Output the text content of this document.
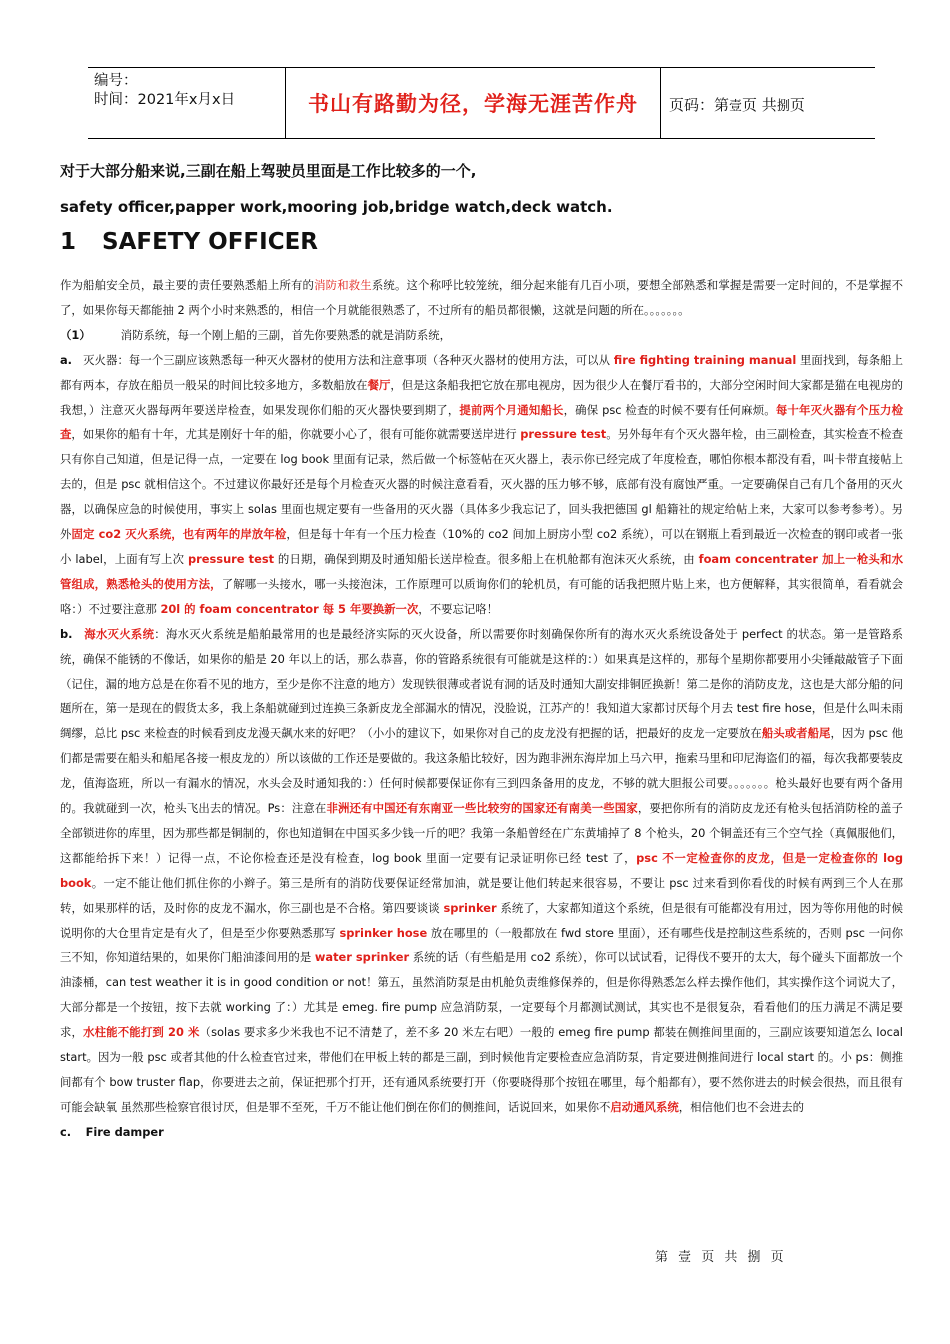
编号：
时间：2021年x月x日	书山有路勤为径，学海无涯苦作舟	页码：第壹页 共捌页
对于大部分船来说,三副在船上驾驶员里面是工作比较多的一个,
safety officer,papper work,mooring job,bridge watch,deck watch.
1 SAFETY OFFICER

作为船舶安全员，最主要的责任要熟悉船上所有的消防和救生系统。这个称呼比较笼统，细分起来能有几百小项，要想全部熟悉和掌握是需要一定时间的，不是掌握不了，如果你每天都能抽 2 两个小时来熟悉的，相信一个月就能很熟悉了，不过所有的船员都很懒，这就是问题的所在。。。。。。。

（1）	消防系统，每一个刚上船的三副，首先你要熟悉的就是消防系统，

a. 灭火器：每一个三副应该熟悉每一种灭火器材的使用方法和注意事项（各种灭火器材的使用方法，可以从 fire fighting training manual 里面找到，每条船上都有两本，存放在船员一般呆的时间比较多地方，多数船放在餐厅，但是这条船我把它放在那电视房，因为很少人在餐厅看书的，大部分空闲时间大家都是猫在电视房的我想，）注意灭火器每两年要送岸检查，如果发现你们船的灭火器快要到期了，提前两个月通知船长，确保 psc 检查的时候不要有任何麻烦。每十年灭火器有个压力检查，如果你的船有十年，尤其是刚好十年的船，你就要小心了，很有可能你就需要送岸进行 pressure test。另外每年有个灭火器年检，由三副检查，其实检查不检查只有你自己知道，但是记得一点，一定要在 log book 里面有记录，然后做一个标签帖在灭火器上，表示你已经完成了年度检查，哪怕你根本都没有看，叫卡带直接帖上去的，但是 psc 就相信这个。不过建议你最好还是每个月检查灭火器的时候注意看看，灭火器的压力够不够，底部有没有腐蚀严重。一定要确保自己有几个备用的灭火器，以确保应急的时候使用，事实上 solas 里面也规定要有一些备用的灭火器（具体多少我忘记了，回头我把德国 gl 船籍社的规定给帖上来，大家可以参考参考）。另外固定 co2 灭火系统，也有两年的岸放年检，但是每十年有一个压力检查（10%的 co2 间加上厨房小型 co2 系统），可以在钢瓶上看到最近一次检查的钢印或者一张小 label，上面有写上次 pressure test 的日期，确保到期及时通知船长送岸检查。很多船上在机舱都有泡沫灭火系统，由 foam concentrater 加上一枪头和水管组成，熟悉枪头的使用方法，了解哪一头接水，哪一头接泡沫，工作原理可以质询你们的轮机员，有可能的话我把照片贴上来，也方便解释，其实很简单，看看就会咯：）不过要注意那 20l 的 foam concentrator 每 5 年要换新一次，不要忘记咯！

b. 海水灭火系统：海水灭火系统是船舶最常用的也是最经济实际的灭火设备，所以需要你时刻确保你所有的海水灭火系统设备处于 perfect 的状态。第一是管路系统，确保不能锈的不像话，如果你的船是 20 年以上的话，那么恭喜，你的管路系统很有可能就是这样的：）如果真是这样的，那每个星期你都要用小尖锤敲敲管子下面（记住，漏的地方总是在你看不见的地方，至少是你不注意的地方）发现铁很薄或者说有洞的话及时通知大副安排铜匠换新！第二是你的消防皮龙，这也是大部分船的问题所在，第一是现在的假货太多，我上条船就碰到过连换三条新皮龙全部漏水的情况，没脸说，江苏产的！我知道大家都讨厌每个月去 test fire hose，但是什么叫未雨绸缪，总比 psc 来检查的时候看到皮龙漫天飙水来的好吧？（小小的建议下，如果你对自己的皮龙没有把握的话，把最好的皮龙一定要放在船头或者船尾，因为 psc 他们都是需要在船头和船尾各接一根皮龙的）所以该做的工作还是要做的。我这条船比较好，因为跑非洲东海岸加上马六甲，拖索马里和印尼海盗们的福，每次我都要装皮龙，值海盗班，所以一有漏水的情况，水头会及时通知我的：）任何时候都要保证你有三到四条备用的皮龙，不够的就大胆报公司要。。。。。。。枪头最好也要有两个备用的。我就碰到一次，枪头飞出去的情况。Ps：注意在非洲还有中国还有东南亚一些比较穷的国家还有南美一些国家，要把你所有的消防皮龙还有枪头包括消防栓的盖子全部锁进你的库里，因为那些都是铜制的，你也知道铜在中国买多少钱一斤的吧？我第一条船曾经在广东黄埔掉了 8 个枪头，20 个铜盖还有三个空气拴（真佩服他们，这都能给拆下来！）记得一点，不论你检查还是没有检查，log book 里面一定要有记录证明你已经 test 了，psc 不一定检查你的皮龙，但是一定检查你的 log book。一定不能让他们抓住你的小辫子。第三是所有的消防伐要保证经常加油，就是要让他们转起来很容易，不要让 psc 过来看到你看伐的时候有两到三个人在那转，如果那样的话，及时你的皮龙不漏水，你三副也是不合格。第四要谈谈 sprinker 系统了，大家都知道这个系统，但是很有可能都没有用过，因为等你用他的时候说明你的大仓里肯定是有火了，但是至少你要熟悉那写 sprinker hose 放在哪里的（一般都放在 fwd store 里面），还有哪些伐是控制这些系统的，否则 psc 一问你三不知，你知道结果的，如果你门船油漆间用的是 water sprinker 系统的话（有些船是用 co2 系统），你可以试试看，记得伐不要开的太大，每个碰头下面都放一个油漆桶，can test weather it is in good condition or not！第五，虽然消防泵是由机舱负责维修保养的，但是你得熟悉怎么样去操作他们，其实操作这个词说大了，大部分都是一个按钮，按下去就 working 了：）尤其是 emeg. fire pump 应急消防泵，一定要每个月都测试测试，其实也不是很复杂，看看他们的压力满足不满足要求，水柱能不能打到 20 米（solas 要求多少米我也不记不清楚了，差不多 20 米左右吧）一般的 emeg fire pump 都装在侧推间里面的，三副应该要知道怎么 local start。因为一般 psc 或者其他的什么检查官过来，带他们在甲板上转的都是三副，到时候他肯定要检查应急消防泵，肯定要进侧推间进行 local start 的。小 ps：侧推间都有个 bow truster flap，你要进去之前，保证把那个打开，还有通风系统要打开（你要晓得那个按钮在哪里，每个船都有），要不然你进去的时候会很热，而且很有可能会缺氧 虽然那些检察官很讨厌，但是罪不至死，千万不能让他们倒在你们的侧推间，话说回来，如果你不启动通风系统，相信他们也不会进去的

c. Fire damper

第 壹 页 共 捌 页
